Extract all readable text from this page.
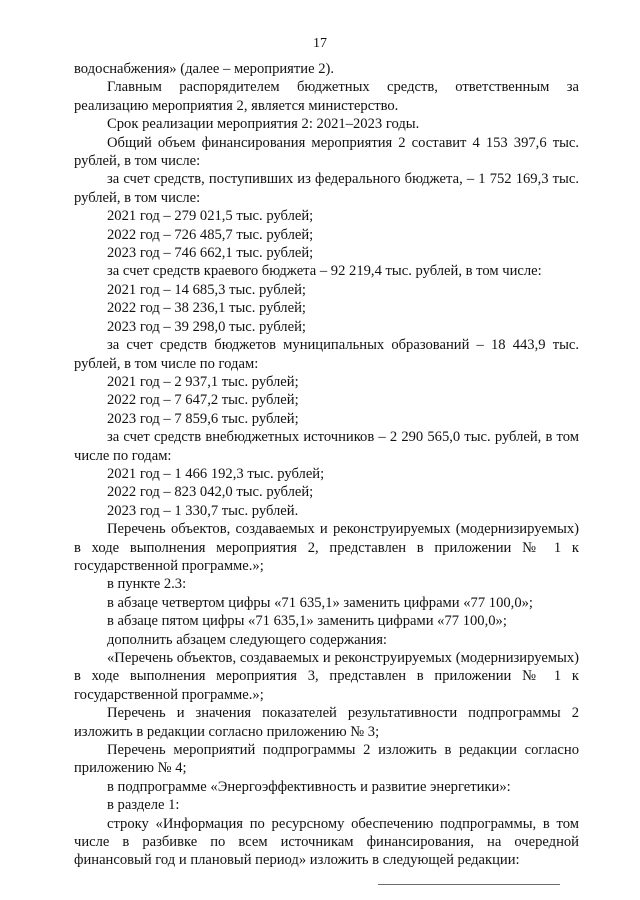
17

водоснабжения» (далее – мероприятие 2).

Главным распорядителем бюджетных средств, ответственным за реализацию мероприятия 2, является министерство.

Срок реализации мероприятия 2: 2021–2023 годы.

Общий объем финансирования мероприятия 2 составит 4 153 397,6 тыс. рублей, в том числе:

за счет средств, поступивших из федерального бюджета, – 1 752 169,3 тыс. рублей, в том числе:

2021 год – 279 021,5 тыс. рублей;

2022 год – 726 485,7 тыс. рублей;

2023 год – 746 662,1 тыс. рублей;

за счет средств краевого бюджета – 92 219,4 тыс. рублей, в том числе:

2021 год – 14 685,3 тыс. рублей;

2022 год – 38 236,1 тыс. рублей;

2023 год – 39 298,0 тыс. рублей;

за счет средств бюджетов муниципальных образований – 18 443,9 тыс. рублей, в том числе по годам:

2021 год – 2 937,1 тыс. рублей;

2022 год – 7 647,2 тыс. рублей;

2023 год – 7 859,6 тыс. рублей;

за счет средств внебюджетных источников – 2 290 565,0 тыс. рублей, в том числе по годам:

2021 год – 1 466 192,3 тыс. рублей;

2022 год – 823 042,0 тыс. рублей;

2023 год – 1 330,7 тыс. рублей.

Перечень объектов, создаваемых и реконструируемых (модернизируемых) в ходе выполнения мероприятия 2, представлен в приложении № 1 к государственной программе.»;

в пункте 2.3:

в абзаце четвертом цифры «71 635,1» заменить цифрами «77 100,0»;

в абзаце пятом цифры «71 635,1» заменить цифрами «77 100,0»;

дополнить абзацем следующего содержания:

«Перечень объектов, создаваемых и реконструируемых (модернизируемых) в ходе выполнения мероприятия 3, представлен в приложении № 1 к государственной программе.»;

Перечень и значения показателей результативности подпрограммы 2 изложить в редакции согласно приложению № 3;

Перечень мероприятий подпрограммы 2 изложить в редакции согласно приложению № 4;

в подпрограмме «Энергоэффективность и развитие энергетики»:

в разделе 1:

строку «Информация по ресурсному обеспечению подпрограммы, в том числе в разбивке по всем источникам финансирования, на очередной финансовый год и плановый период» изложить в следующей редакции:
